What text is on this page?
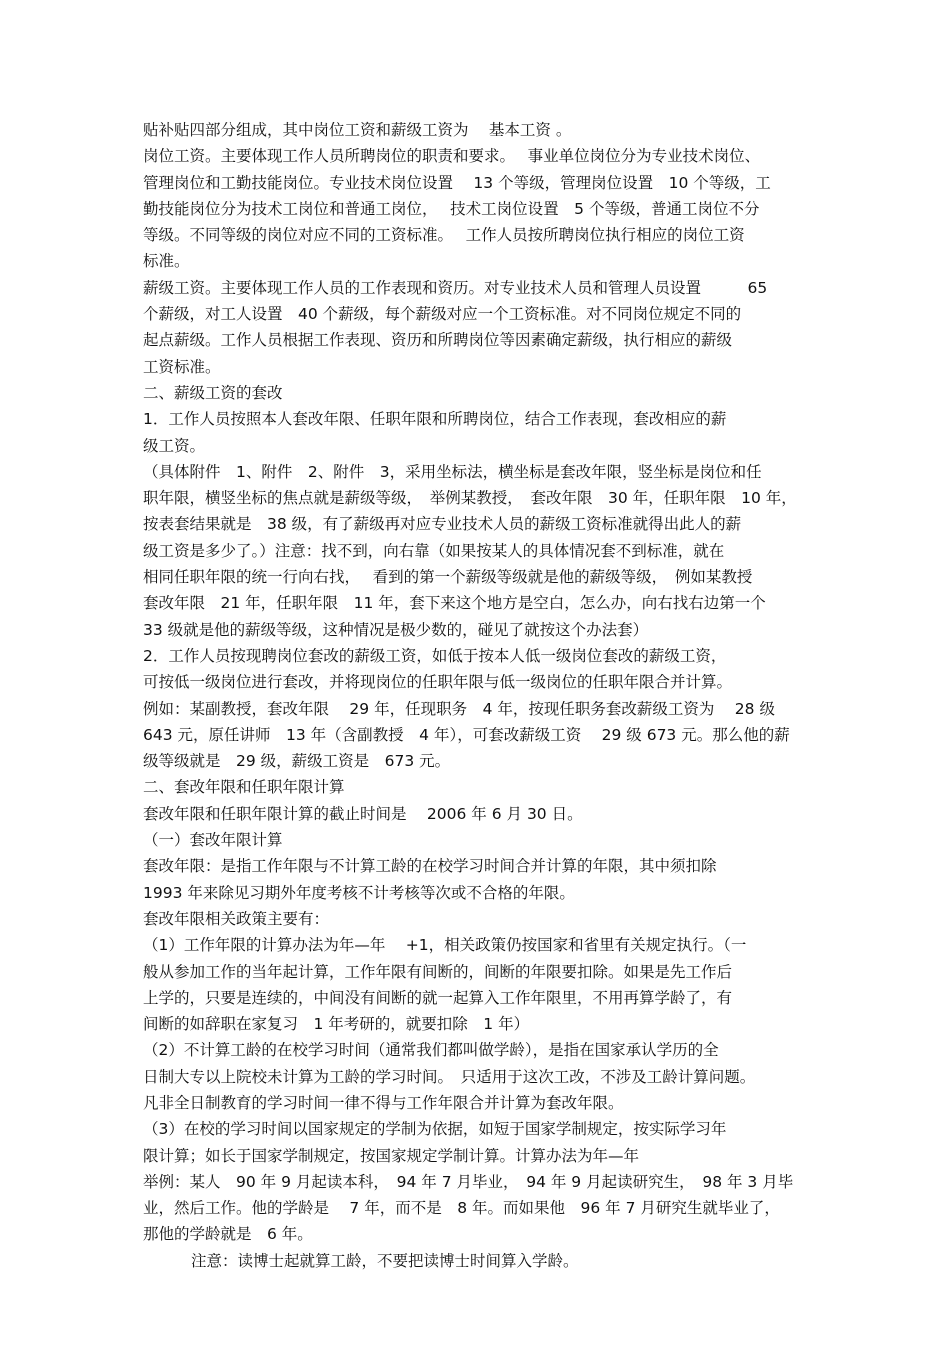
贴补贴四部分组成，其中岗位工资和薪级工资为　 基本工资 。
岗位工资。主要体现工作人员所聘岗位的职责和要求。　 事业单位岗位分为专业技术岗位、
管理岗位和工勤技能岗位。专业技术岗位设置　 13 个等级，管理岗位设置　10 个等级，工
勤技能岗位分为技术工岗位和普通工岗位，　 技术工岗位设置　5 个等级，普通工岗位不分
等级。不同等级的岗位对应不同的工资标准。　 工作人员按所聘岗位执行相应的岗位工资
标准。
薪级工资。主要体现工作人员的工作表现和资历。对专业技术人员和管理人员设置　　　65
个薪级，对工人设置　40 个薪级，每个薪级对应一个工资标准。对不同岗位规定不同的
起点薪级。工作人员根据工作表现、资历和所聘岗位等因素确定薪级，执行相应的薪级
工资标准。
二、薪级工资的套改
1．工作人员按照本人套改年限、任职年限和所聘岗位，结合工作表现，套改相应的薪
级工资。
（具体附件　1、附件　2、附件　3，采用坐标法，横坐标是套改年限，竖坐标是岗位和任
职年限，横竖坐标的焦点就是薪级等级，　举例某教授，　套改年限　30 年，任职年限　10 年，
按表套结果就是　38 级，有了薪级再对应专业技术人员的薪级工资标准就得出此人的薪
级工资是多少了。）注意：找不到，向右靠（如果按某人的具体情况套不到标准，就在
相同任职年限的统一行向右找，　 看到的第一个薪级等级就是他的薪级等级，　例如某教授
套改年限　21 年，任职年限　11 年，套下来这个地方是空白，怎么办，向右找右边第一个
33 级就是他的薪级等级，这种情况是极少数的，碰见了就按这个办法套）
2．工作人员按现聘岗位套改的薪级工资，如低于按本人低一级岗位套改的薪级工资，
可按低一级岗位进行套改，并将现岗位的任职年限与低一级岗位的任职年限合并计算。
例如：某副教授，套改年限　 29 年，任现职务　4 年，按现任职务套改薪级工资为　 28 级
643 元，原任讲师　13 年（含副教授　4 年），可套改薪级工资　 29 级 673 元。那么他的薪
级等级就是　29 级，薪级工资是　673 元。
二、套改年限和任职年限计算
套改年限和任职年限计算的截止时间是　 2006 年 6 月 30 日。
（一）套改年限计算
套改年限：是指工作年限与不计算工龄的在校学习时间合并计算的年限，其中须扣除
1993 年来除见习期外年度考核不计考核等次或不合格的年限。
套改年限相关政策主要有：
（1）工作年限的计算办法为年—年　 +1，相关政策仍按国家和省里有关规定执行。（一
般从参加工作的当年起计算，工作年限有间断的，间断的年限要扣除。如果是先工作后
上学的，只要是连续的，中间没有间断的就一起算入工作年限里，不用再算学龄了，有
间断的如辞职在家复习　1 年考研的，就要扣除　1 年）
（2）不计算工龄的在校学习时间（通常我们都叫做学龄），是指在国家承认学历的全
日制大专以上院校未计算为工龄的学习时间。　只适用于这次工改，不涉及工龄计算问题。
凡非全日制教育的学习时间一律不得与工作年限合并计算为套改年限。
（3）在校的学习时间以国家规定的学制为依据，如短于国家学制规定，按实际学习年
限计算；如长于国家学制规定，按国家规定学制计算。计算办法为年—年
举例：某人　90 年 9 月起读本科，　94 年 7 月毕业，　94 年 9 月起读研究生，　98 年 3 月毕
业，然后工作。他的学龄是　 7 年，而不是　8 年。而如果他　96 年 7 月研究生就毕业了，
那他的学龄就是　6 年。
注意：读博士起就算工龄，不要把读博士时间算入学龄。
